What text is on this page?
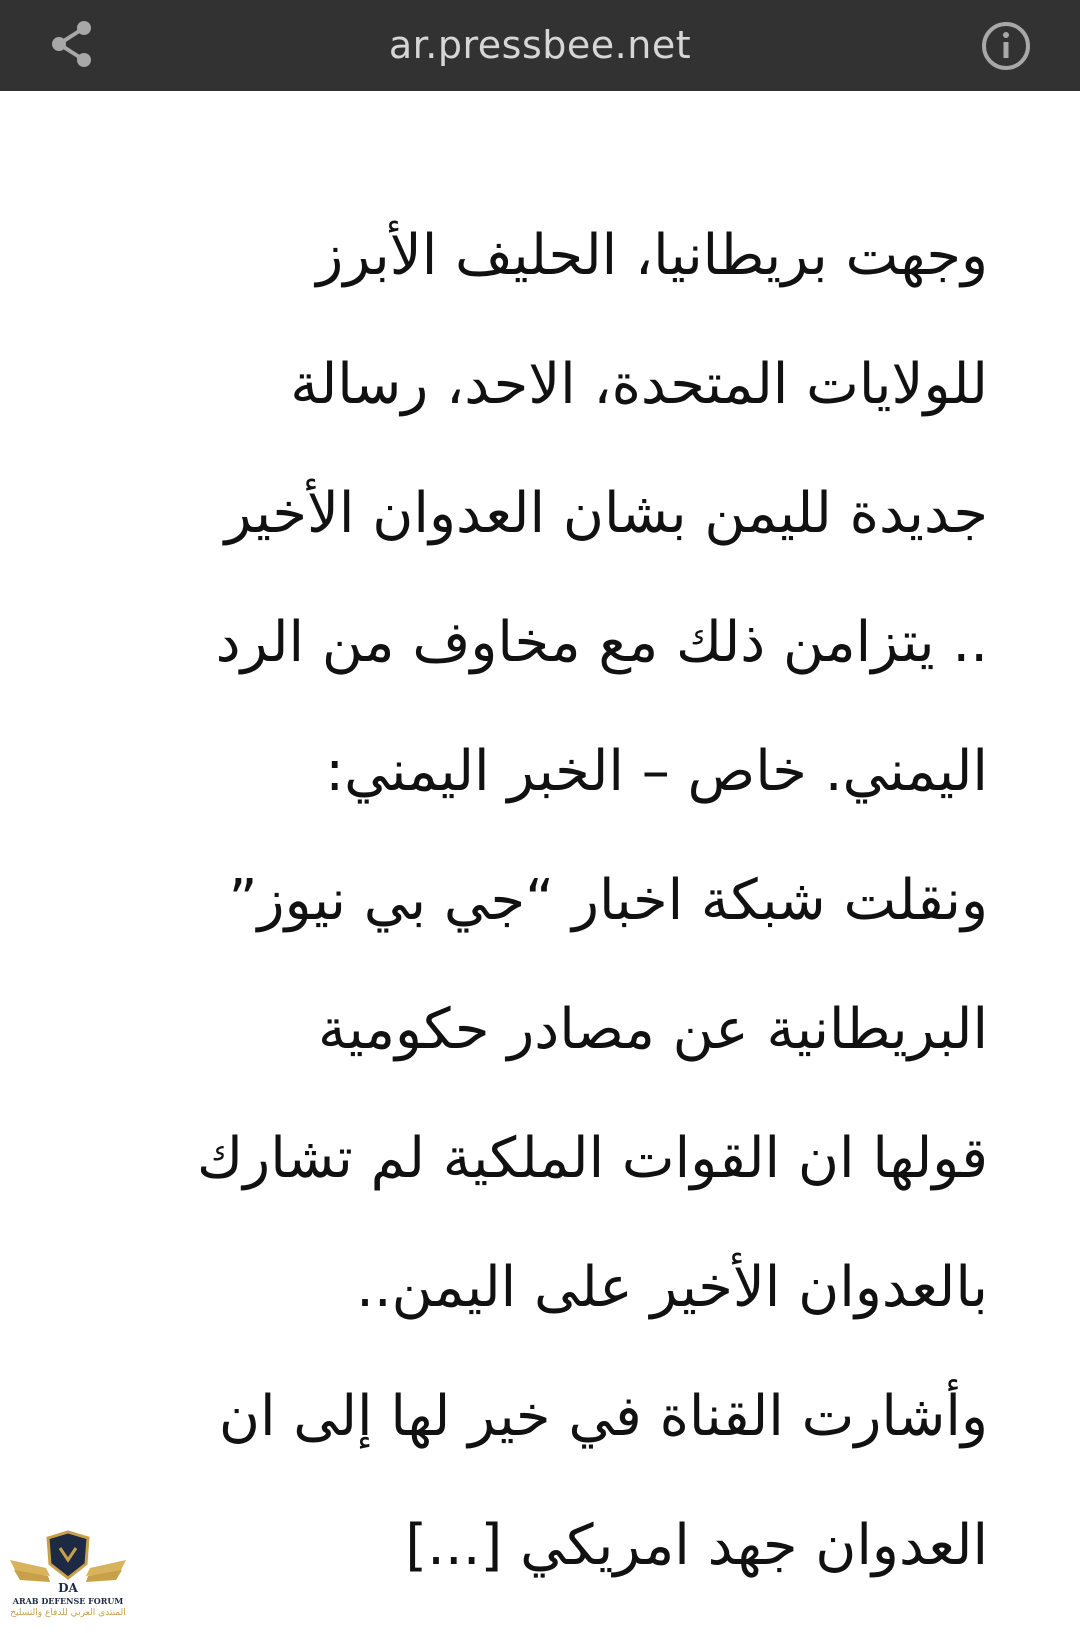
ar.pressbee.net
وجهت بريطانيا، الحليف الأبرز
للولايات المتحدة، الاحد، رسالة
جديدة لليمن بشان العدوان الأخير
.. يتزامن ذلك مع مخاوف من الرد
اليمني. خاص – الخبر اليمني:
ونقلت شبكة اخبار “جي بي نيوز”
البريطانية عن مصادر حكومية
قولها ان القوات الملكية لم تشارك
بالعدوان الأخير على اليمن..
وأشارت القناة في خير لها إلى ان
العدوان جهد امريكي [...]
DA
ARAB DEFENSE FORUM
المنتدى العربي للدفاع والتسليح
